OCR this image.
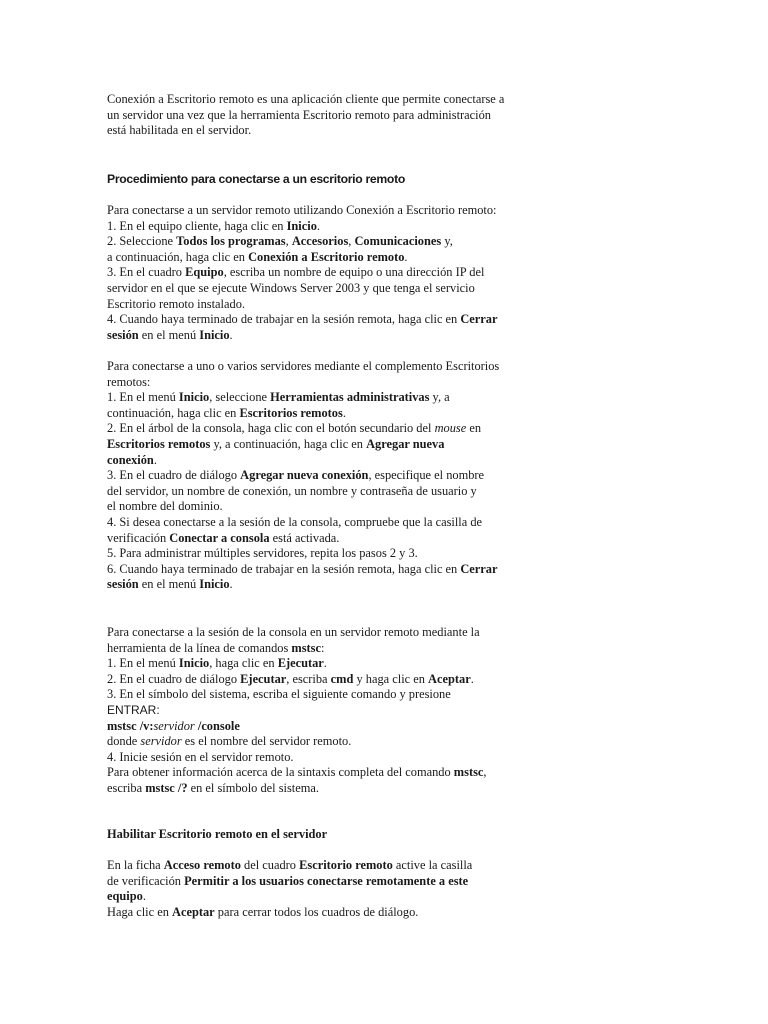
Conexión a Escritorio remoto es una aplicación cliente que permite conectarse a
un servidor una vez que la herramienta Escritorio remoto para administración
está habilitada en el servidor.
Procedimiento para conectarse a un escritorio remoto
Para conectarse a un servidor remoto utilizando Conexión a Escritorio remoto:
1. En el equipo cliente, haga clic en Inicio.
2. Seleccione Todos los programas, Accesorios, Comunicaciones y,
a continuación, haga clic en Conexión a Escritorio remoto.
3. En el cuadro Equipo, escriba un nombre de equipo o una dirección IP del
servidor en el que se ejecute Windows Server 2003 y que tenga el servicio
Escritorio remoto instalado.
4. Cuando haya terminado de trabajar en la sesión remota, haga clic en Cerrar
sesión en el menú Inicio.
Para conectarse a uno o varios servidores mediante el complemento Escritorios
remotos:
1. En el menú Inicio, seleccione Herramientas administrativas y, a
continuación, haga clic en Escritorios remotos.
2. En el árbol de la consola, haga clic con el botón secundario del mouse en
Escritorios remotos y, a continuación, haga clic en Agregar nueva
conexión.
3. En el cuadro de diálogo Agregar nueva conexión, especifique el nombre
del servidor, un nombre de conexión, un nombre y contraseña de usuario y
el nombre del dominio.
4. Si desea conectarse a la sesión de la consola, compruebe que la casilla de
verificación Conectar a consola está activada.
5. Para administrar múltiples servidores, repita los pasos 2 y 3.
6. Cuando haya terminado de trabajar en la sesión remota, haga clic en Cerrar
sesión en el menú Inicio.
Para conectarse a la sesión de la consola en un servidor remoto mediante la
herramienta de la línea de comandos mstsc:
1. En el menú Inicio, haga clic en Ejecutar.
2. En el cuadro de diálogo Ejecutar, escriba cmd y haga clic en Aceptar.
3. En el símbolo del sistema, escriba el siguiente comando y presione
ENTRAR:
mstsc /v:servidor /console
donde servidor es el nombre del servidor remoto.
4. Inicie sesión en el servidor remoto.
Para obtener información acerca de la sintaxis completa del comando mstsc,
escriba mstsc /? en el símbolo del sistema.
Habilitar Escritorio remoto en el servidor
En la ficha Acceso remoto del cuadro Escritorio remoto active la casilla
de verificación Permitir a los usuarios conectarse remotamente a este
equipo.
Haga clic en Aceptar para cerrar todos los cuadros de diálogo.
